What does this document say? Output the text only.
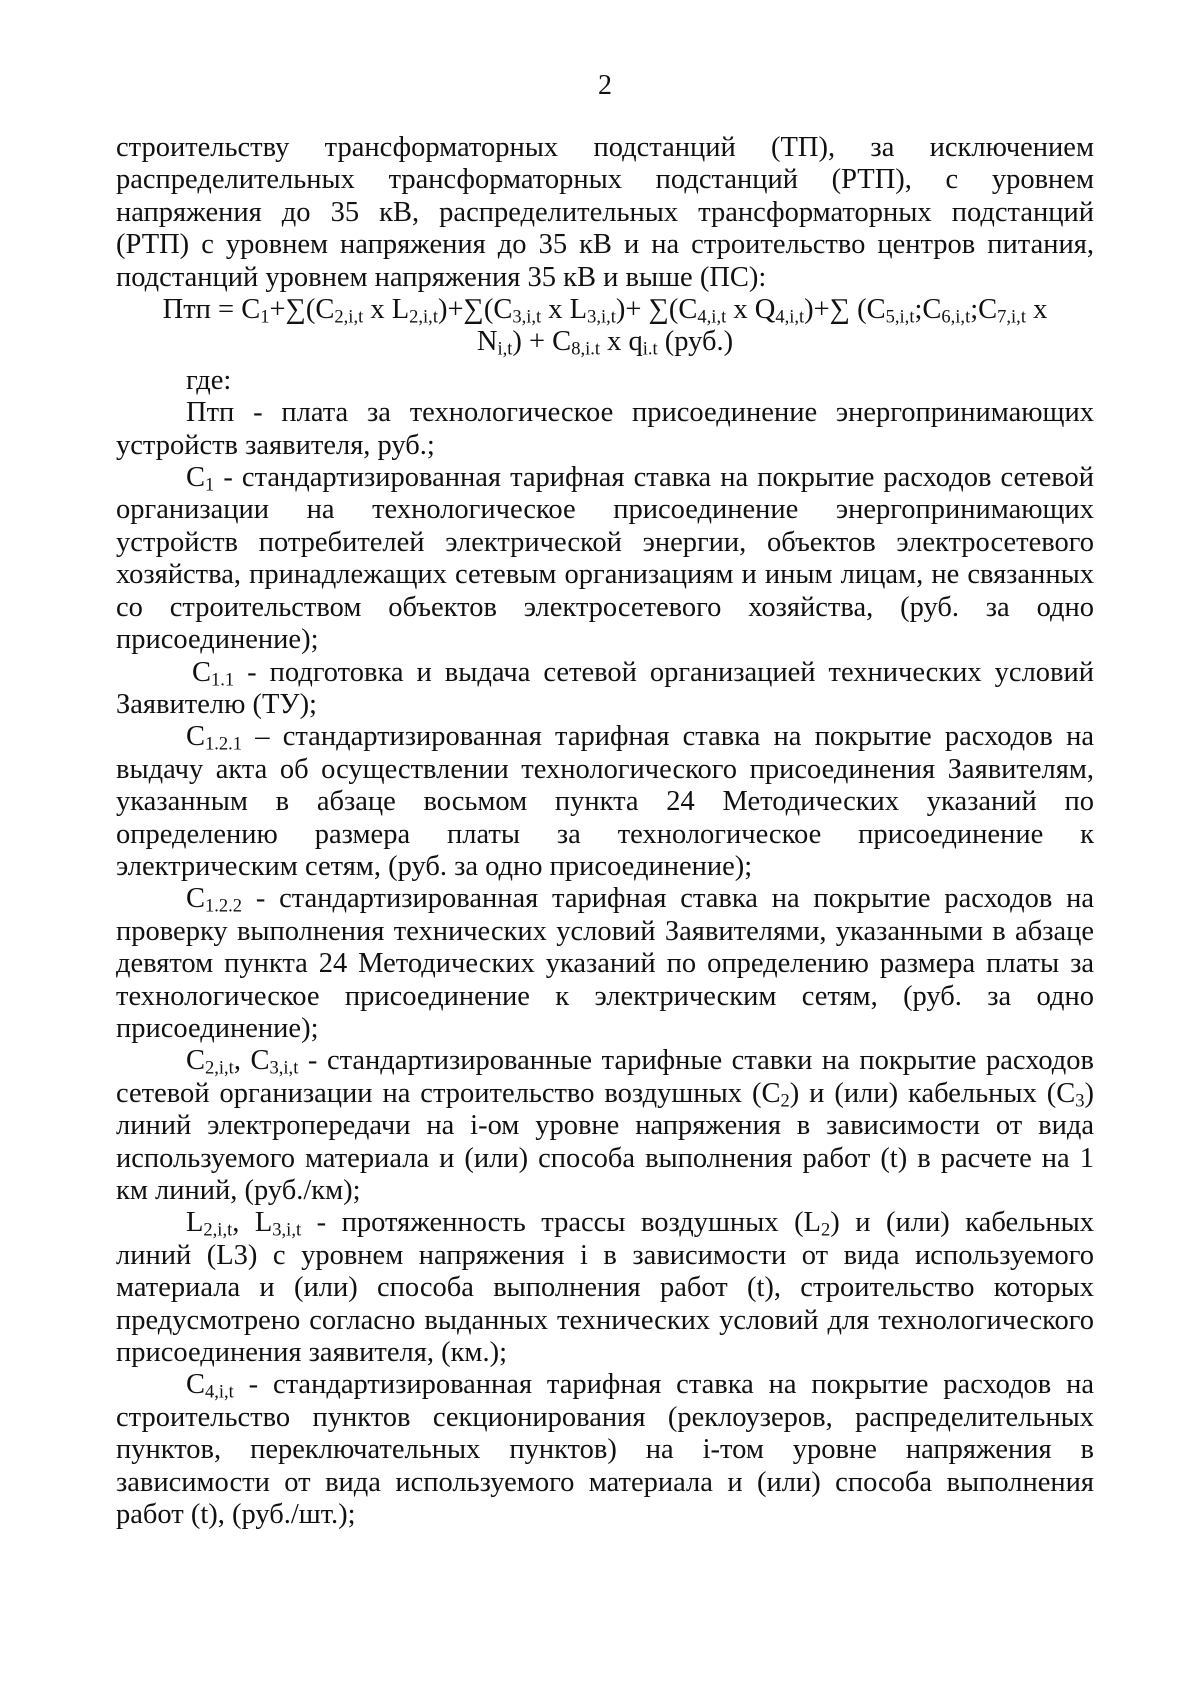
2

строительству трансформаторных подстанций (ТП), за исключением распределительных трансформаторных подстанций (РТП), с уровнем напряжения до 35 кВ, распределительных трансформаторных подстанций (РТП) с уровнем напряжения до 35 кВ и на строительство центров питания, подстанций уровнем напряжения 35 кВ и выше (ПС):

Птп = $С_1+\sum(С_{2,i,t}$ х $L_{2,i,t})+\sum(С_{3,i,t}$ х $L_{3,i,t})+ \sum(С_{4,i,t}$ х $Q_{4,i,t})+\sum$ ($С_{5,i,t};С_{6,i,t};С_{7,i,t}$ х

$N_{i,t}) + С_{8,i.t}$ х $q_{i.t}$ (руб.)

где:

Птп - плата за технологическое присоединение энергопринимающих устройств заявителя, руб.;

$С_1$ - стандартизированная тарифная ставка на покрытие расходов сетевой организации на технологическое присоединение энергопринимающих устройств потребителей электрической энергии, объектов электросетевого хозяйства, принадлежащих сетевым организациям и иным лицам, не связанных со строительством объектов электросетевого хозяйства, (руб. за одно присоединение);

$С_{1.1}$ - подготовка и выдача сетевой организацией технических условий Заявителю (ТУ);

$С_{1.2.1}$ – стандартизированная тарифная ставка на покрытие расходов на выдачу акта об осуществлении технологического присоединения Заявителям, указанным в абзаце восьмом пункта 24 Методических указаний по определению размера платы за технологическое присоединение к электрическим сетям, (руб. за одно присоединение);

$С_{1.2.2}$ - стандартизированная тарифная ставка на покрытие расходов на проверку выполнения технических условий Заявителями, указанными в абзаце девятом пункта 24 Методических указаний по определению размера платы за технологическое присоединение к электрическим сетям, (руб. за одно присоединение);

$С_{2,i,t}$, $С_{3,i,t}$ - стандартизированные тарифные ставки на покрытие расходов сетевой организации на строительство воздушных $(С_2)$ и (или) кабельных $(С_3)$ линий электропередачи на i-ом уровне напряжения в зависимости от вида используемого материала и (или) способа выполнения работ (t) в расчете на 1 км линий, (руб./км);

$L_{2,i,t}$, $L_{3,i,t}$ - протяженность трассы воздушных $(L_2)$ и (или) кабельных линий (L3) с уровнем напряжения i в зависимости от вида используемого материала и (или) способа выполнения работ (t), строительство которых предусмотрено согласно выданных технических условий для технологического присоединения заявителя, (км.);

$С_{4,i,t}$ - стандартизированная тарифная ставка на покрытие расходов на строительство пунктов секционирования (реклоузеров, распределительных пунктов, переключательных пунктов) на i-том уровне напряжения в зависимости от вида используемого материала и (или) способа выполнения работ (t), (руб./шт.);
